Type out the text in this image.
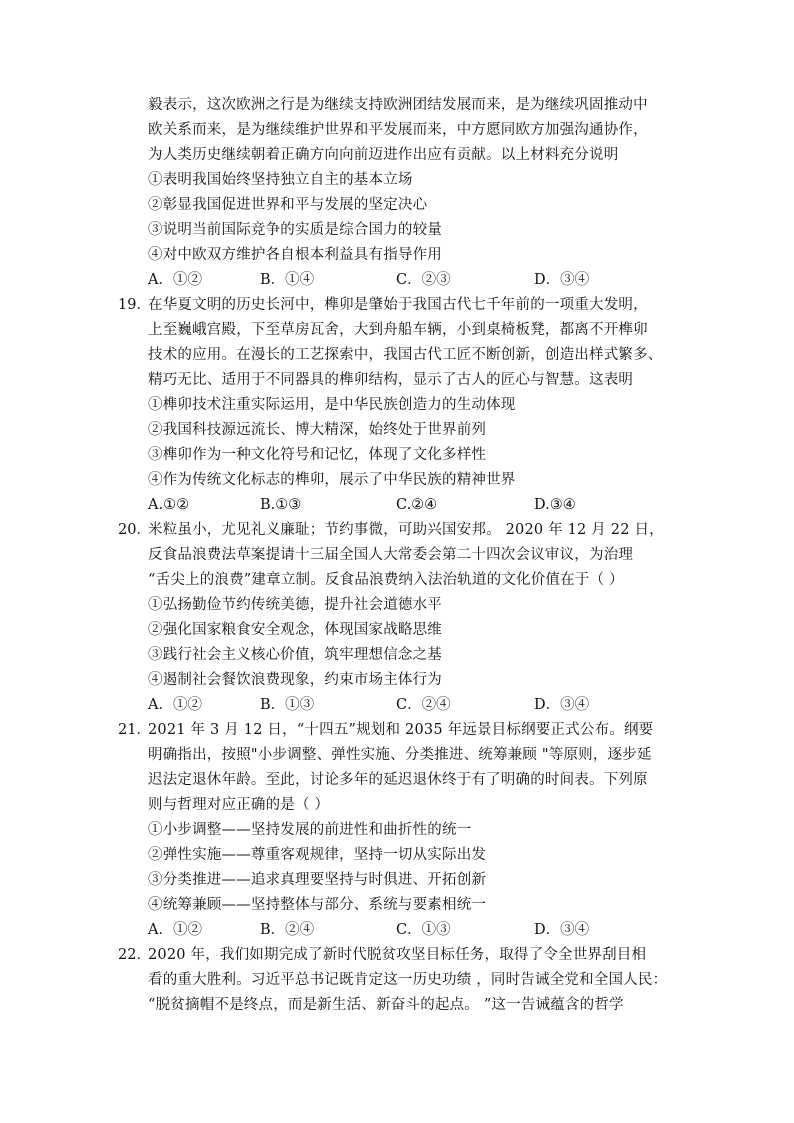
毅表示，这次欧洲之行是为继续支持欧洲团结发展而来，是为继续巩固推动中
欧关系而来，是为继续维护世界和平发展而来，中方愿同欧方加强沟通协作，
为人类历史继续朝着正确方向向前迈进作出应有贡献。以上材料充分说明
①表明我国始终坚持独立自主的基本立场
②彰显我国促进世界和平与发展的坚定决心
③说明当前国际竞争的实质是综合国力的较量
④对中欧双方维护各自根本利益具有指导作用
A．①②	B．①④	C．②③	D．③④
19．
在华夏文明的历史长河中，榫卯是肇始于我国古代七千年前的一项重大发明，
上至巍峨宫殿，下至草房瓦舍，大到舟船车辆，小到桌椅板凳，都离不开榫卯
技术的应用。在漫长的工艺探索中，我国古代工匠不断创新，创造出样式繁多、
精巧无比、适用于不同器具的榫卯结构，显示了古人的匠心与智慧。这表明
①榫卯技术注重实际运用，是中华民族创造力的生动体现
②我国科技源远流长、博大精深，始终处于世界前列
③榫卯作为一种文化符号和记忆，体现了文化多样性
④作为传统文化标志的榫卯，展示了中华民族的精神世界
A.①②	B.①③	C.②④	D.③④
20．
米粒虽小，尤见礼义廉耻；节约事微，可助兴国安邦。 2020 年 12 月 22 日，
反食品浪费法草案提请十三届全国人大常委会第二十四次会议审议，为治理
“舌尖上的浪费”建章立制。反食品浪费纳入法治轨道的文化价值在于（ ）
①弘扬勤俭节约传统美德，提升社会道德水平
②强化国家粮食安全观念，体现国家战略思维
③践行社会主义核心价值，筑牢理想信念之基
④遏制社会餐饮浪费现象，约束市场主体行为
A．①②	B．①③	C．②④	D．③④
21．
2021 年 3 月 12 日，“十四五”规划和 2035 年远景目标纲要正式公布。纲要
明确指出，按照"小步调整、弹性实施、分类推进、统筹兼顾 "等原则，逐步延
迟法定退休年龄。至此，讨论多年的延迟退休终于有了明确的时间表。下列原
则与哲理对应正确的是（ ）
①小步调整——坚持发展的前进性和曲折性的统一
②弹性实施——尊重客观规律，坚持一切从实际出发
③分类推进——追求真理要坚持与时俱进、开拓创新
④统筹兼顾——坚持整体与部分、系统与要素相统一
A．①②	B．②④	C．①③	D．③④
22．
2020 年，我们如期完成了新时代脱贫攻坚目标任务，取得了令全世界刮目相
看的重大胜利。习近平总书记既肯定这一历史功绩 ，同时告诫全党和全国人民：
“脱贫摘帽不是终点，而是新生活、新奋斗的起点。 ”这一告诫蕴含的哲学
